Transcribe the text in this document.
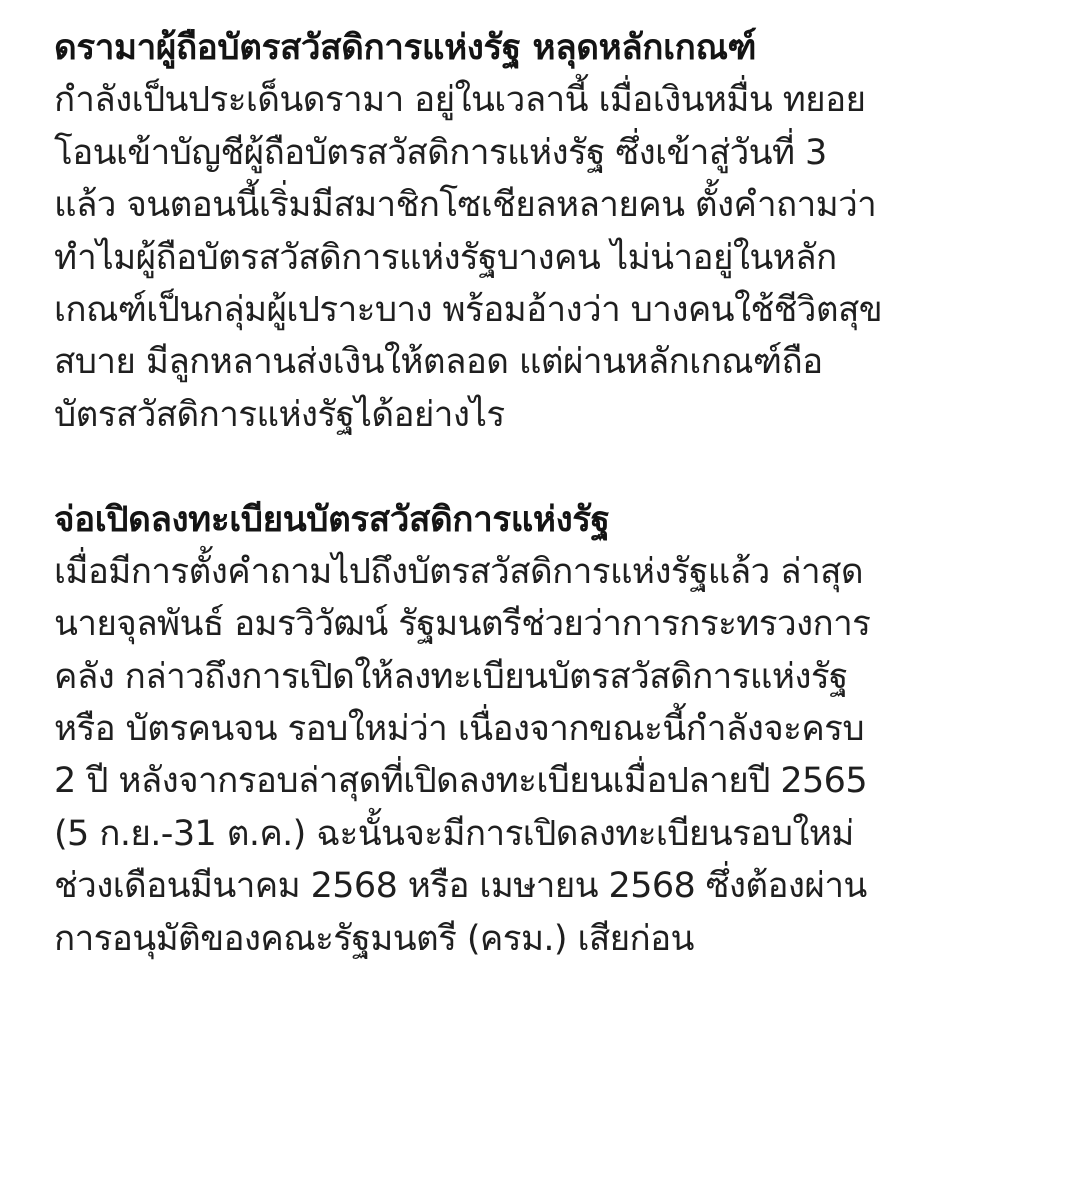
ดรามาผู้ถือบัตรสวัสดิการแห่งรัฐ หลุดหลักเกณฑ์
กำลังเป็นประเด็นดรามา อยู่ในเวลานี้ เมื่อเงินหมื่น ทยอย
โอนเข้าบัญชีผู้ถือบัตรสวัสดิการแห่งรัฐ ซึ่งเข้าสู่วันที่ 3
แล้ว จนตอนนี้เริ่มมีสมาชิกโซเชียลหลายคน ตั้งคำถามว่า
ทำไมผู้ถือบัตรสวัสดิการแห่งรัฐบางคน ไม่น่าอยู่ในหลัก
เกณฑ์เป็นกลุ่มผู้เปราะบาง พร้อมอ้างว่า บางคนใช้ชีวิตสุข
สบาย มีลูกหลานส่งเงินให้ตลอด แต่ผ่านหลักเกณฑ์ถือ
บัตรสวัสดิการแห่งรัฐได้อย่างไร
จ่อเปิดลงทะเบียนบัตรสวัสดิการแห่งรัฐ
เมื่อมีการตั้งคำถามไปถึงบัตรสวัสดิการแห่งรัฐแล้ว ล่าสุด
นายจุลพันธ์ อมรวิวัฒน์ รัฐมนตรีช่วยว่าการกระทรวงการ
คลัง กล่าวถึงการเปิดให้ลงทะเบียนบัตรสวัสดิการแห่งรัฐ
หรือ บัตรคนจน รอบใหม่ว่า เนื่องจากขณะนี้กำลังจะครบ
2 ปี หลังจากรอบล่าสุดที่เปิดลงทะเบียนเมื่อปลายปี 2565
(5 ก.ย.-31 ต.ค.) ฉะนั้นจะมีการเปิดลงทะเบียนรอบใหม่
ช่วงเดือนมีนาคม 2568 หรือ เมษายน 2568 ซึ่งต้องผ่าน
การอนุมัติของคณะรัฐมนตรี (ครม.) เสียก่อน
